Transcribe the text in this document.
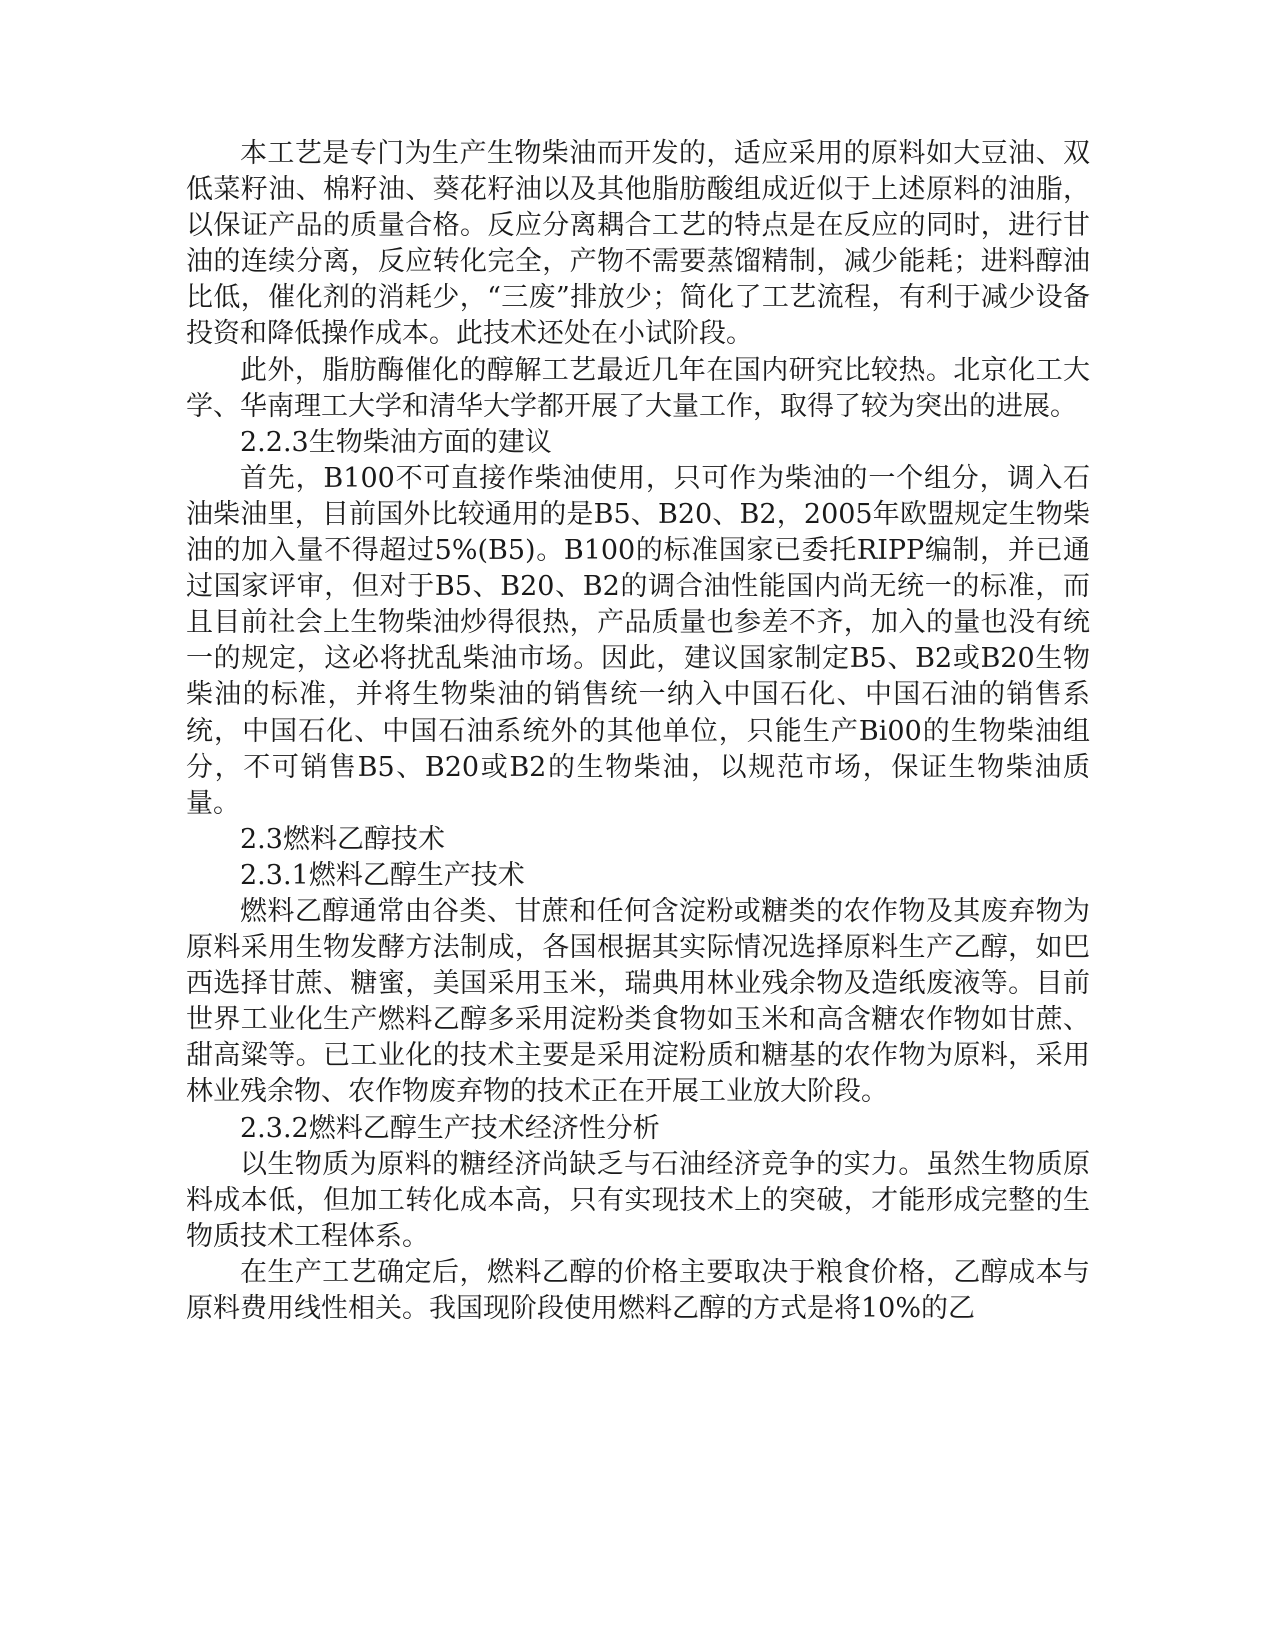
本工艺是专门为生产生物柴油而开发的，适应采用的原料如大豆油、双低菜籽油、棉籽油、葵花籽油以及其他脂肪酸组成近似于上述原料的油脂，以保证产品的质量合格。反应分离耦合工艺的特点是在反应的同时，进行甘油的连续分离，反应转化完全，产物不需要蒸馏精制，减少能耗；进料醇油比低，催化剂的消耗少，“三废”排放少；简化了工艺流程，有利于减少设备投资和降低操作成本。此技术还处在小试阶段。

此外，脂肪酶催化的醇解工艺最近几年在国内研究比较热。北京化工大学、华南理工大学和清华大学都开展了大量工作，取得了较为突出的进展。

2.2.3生物柴油方面的建议

首先，B100不可直接作柴油使用，只可作为柴油的一个组分，调入石油柴油里，目前国外比较通用的是B5、B20、B2，2005年欧盟规定生物柴油的加入量不得超过5%(B5)。B100的标准国家已委托RIPP编制，并已通过国家评审，但对于B5、B20、B2的调合油性能国内尚无统一的标准，而且目前社会上生物柴油炒得很热，产品质量也参差不齐，加入的量也没有统一的规定，这必将扰乱柴油市场。因此，建议国家制定B5、B2或B20生物柴油的标准，并将生物柴油的销售统一纳入中国石化、中国石油的销售系统，中国石化、中国石油系统外的其他单位，只能生产Bi00的生物柴油组分，不可销售B5、B20或B2的生物柴油，以规范市场，保证生物柴油质量。

2.3燃料乙醇技术

2.3.1燃料乙醇生产技术

燃料乙醇通常由谷类、甘蔗和任何含淀粉或糖类的农作物及其废弃物为原料采用生物发酵方法制成，各国根据其实际情况选择原料生产乙醇，如巴西选择甘蔗、糖蜜，美国采用玉米，瑞典用林业残余物及造纸废液等。目前世界工业化生产燃料乙醇多采用淀粉类食物如玉米和高含糖农作物如甘蔗、甜高粱等。已工业化的技术主要是采用淀粉质和糖基的农作物为原料，采用林业残余物、农作物废弃物的技术正在开展工业放大阶段。

2.3.2燃料乙醇生产技术经济性分析

以生物质为原料的糖经济尚缺乏与石油经济竞争的实力。虽然生物质原料成本低，但加工转化成本高，只有实现技术上的突破，才能形成完整的生物质技术工程体系。

在生产工艺确定后，燃料乙醇的价格主要取决于粮食价格，乙醇成本与原料费用线性相关。我国现阶段使用燃料乙醇的方式是将10%的乙
